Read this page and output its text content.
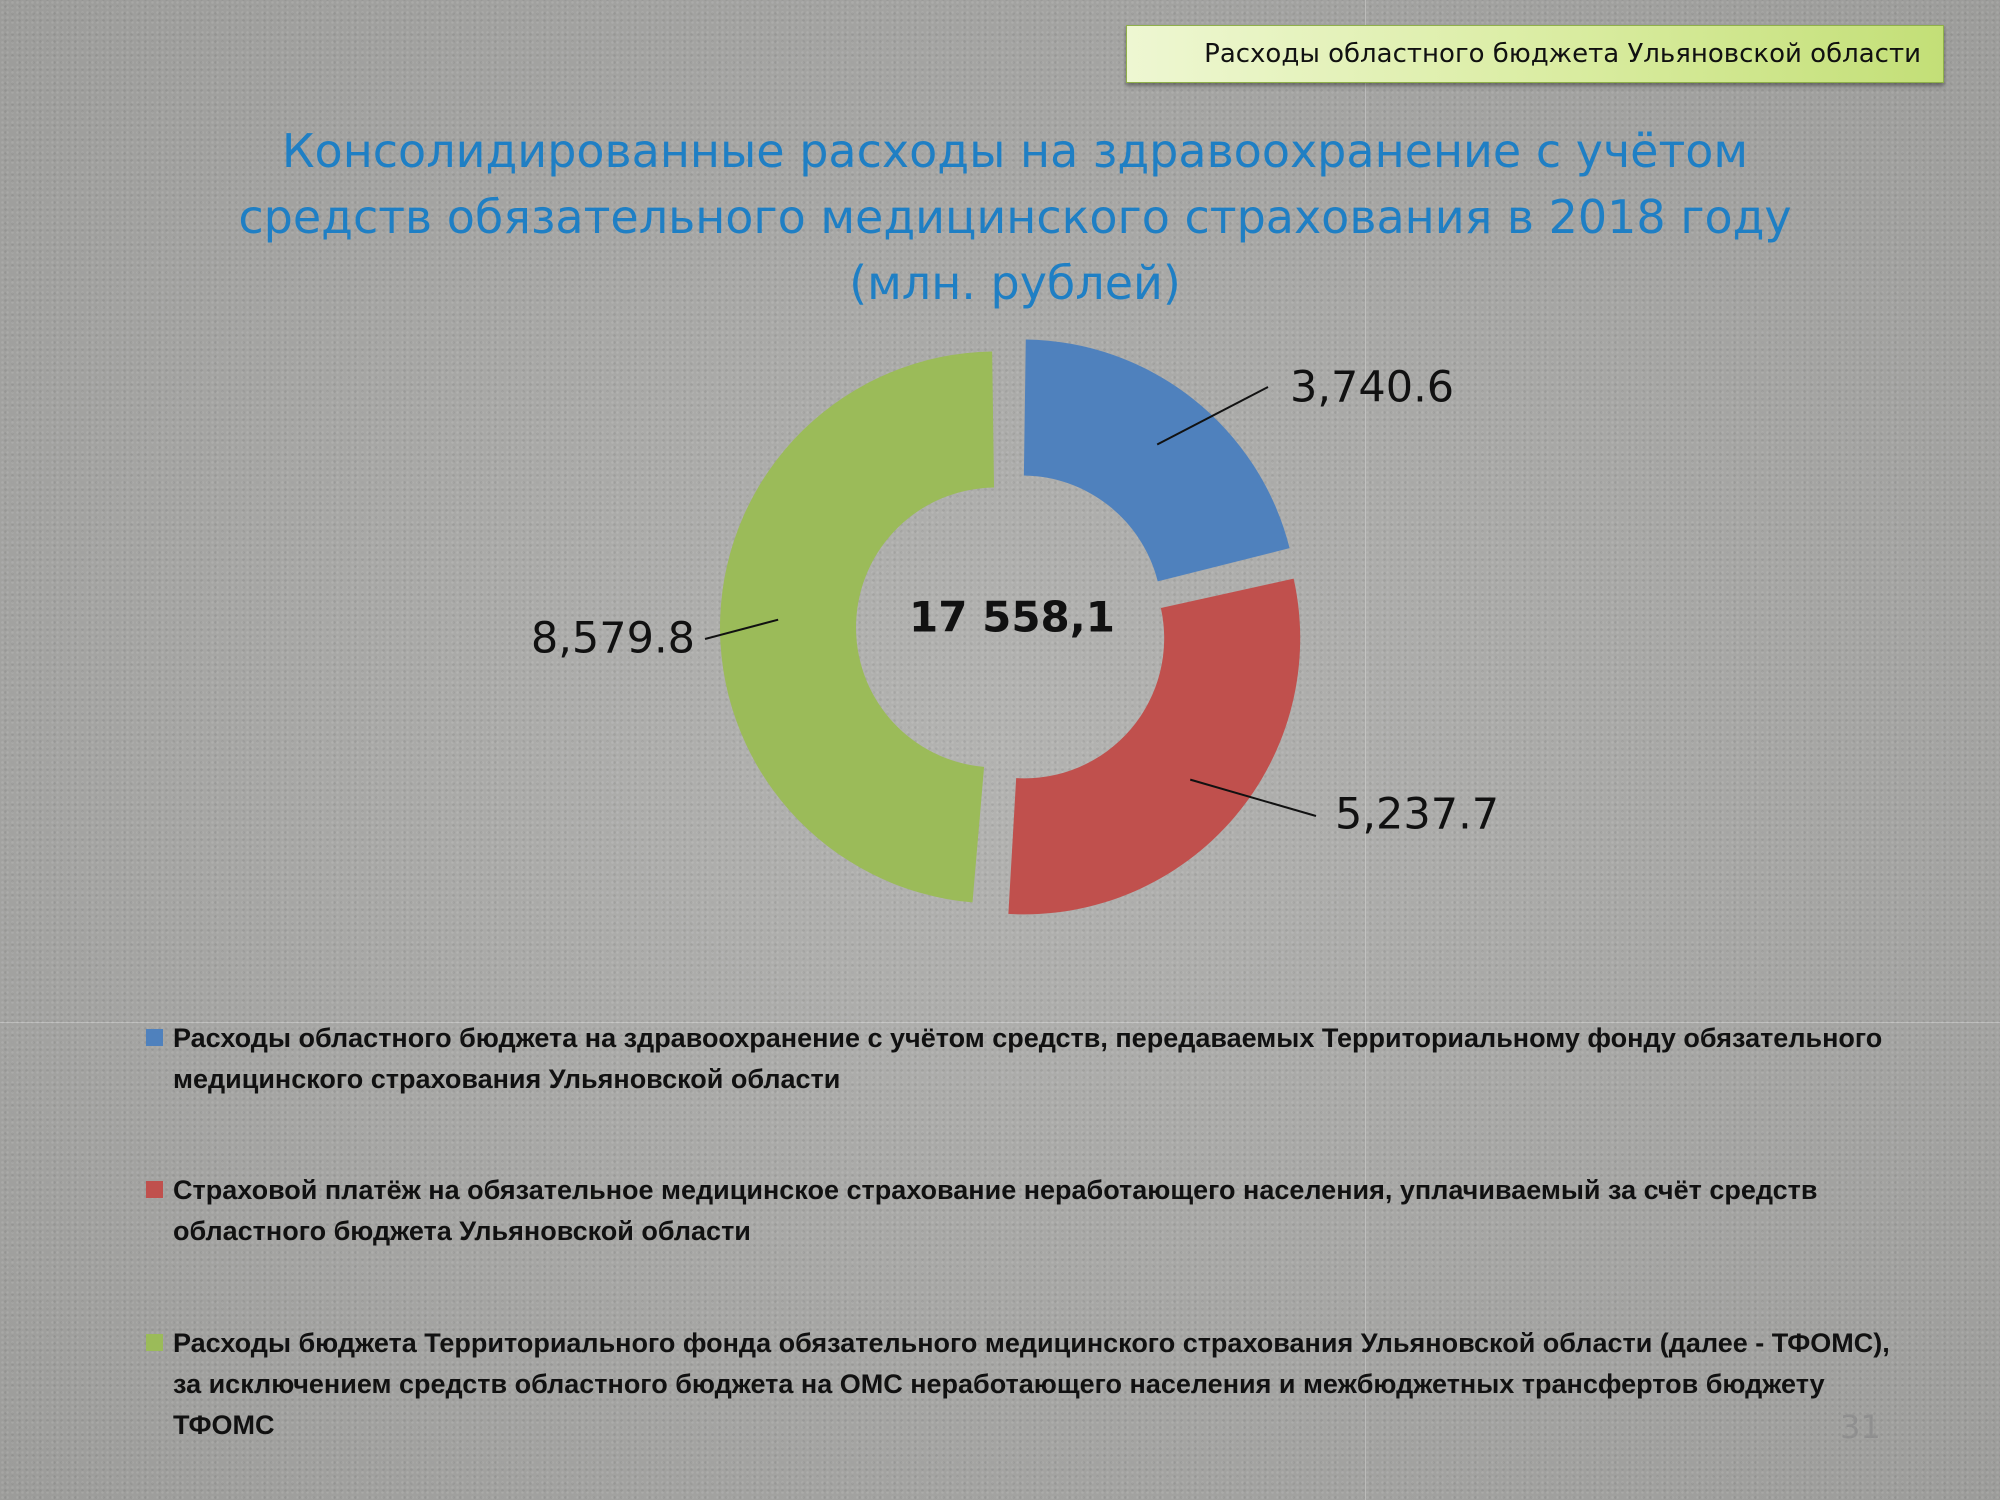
Расходы областного бюджета Ульяновской области
Консолидированные расходы на здравоохранение с учётом
средств обязательного медицинского страхования в 2018 году
(млн. рублей)
3,740.6
5,237.7
8,579.8	17 558,1
Расходы областного бюджета на здравоохранение с учётом средств, передаваемых Территориальному фонду обязательного медицинского страхования Ульяновской области
Страховой платёж на обязательное медицинское страхование неработающего населения, уплачиваемый за счёт средств областного бюджета Ульяновской области
Расходы бюджета Территориального фонда обязательного медицинского страхования Ульяновской области (далее - ТФОМС), за исключением средств областного бюджета на ОМС неработающего населения и межбюджетных трансфертов бюджету ТФОМС	31
